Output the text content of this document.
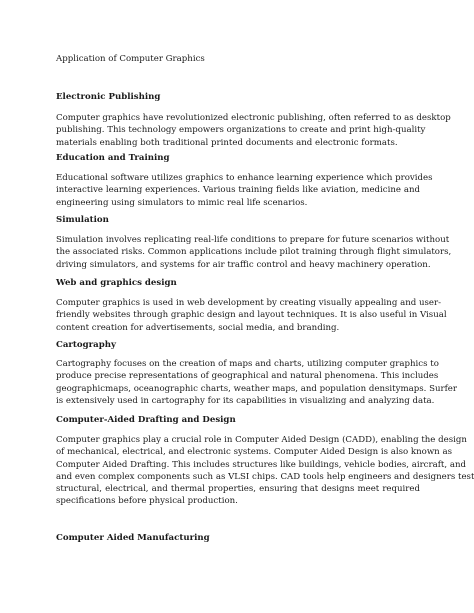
Application of Computer Graphics
Electronic Publishing
Computer graphics have revolutionized electronic publishing, often referred to as desktop
publishing. This technology empowers organizations to create and print high-quality
materials enabling both traditional printed documents and electronic formats.
Education and Training
Educational software utilizes graphics to enhance learning experience which provides
interactive learning experiences. Various training fields like aviation, medicine and
engineering using simulators to mimic real life scenarios.
Simulation
Simulation involves replicating real-life conditions to prepare for future scenarios without
the associated risks. Common applications include pilot training through flight simulators,
driving simulators, and systems for air traffic control and heavy machinery operation.
Web and graphics design
Computer graphics is used in web development by creating visually appealing and user-
friendly websites through graphic design and layout techniques. It is also useful in Visual
content creation for advertisements, social media, and branding.
Cartography
Cartography focuses on the creation of maps and charts, utilizing computer graphics to
produce precise representations of geographical and natural phenomena. This includes
geographicmaps, oceanographic charts, weather maps, and population densitymaps. Surfer
is extensively used in cartography for its capabilities in visualizing and analyzing data.
Computer-Aided Drafting and Design
Computer graphics play a crucial role in Computer Aided Design (CADD), enabling the design
of mechanical, electrical, and electronic systems. Computer Aided Design is also known as
Computer Aided Drafting. This includes structures like buildings, vehicle bodies, aircraft, and
and even complex components such as VLSI chips. CAD tools help engineers and designers test
structural, electrical, and thermal properties, ensuring that designs meet required
specifications before physical production.
Computer Aided Manufacturing
